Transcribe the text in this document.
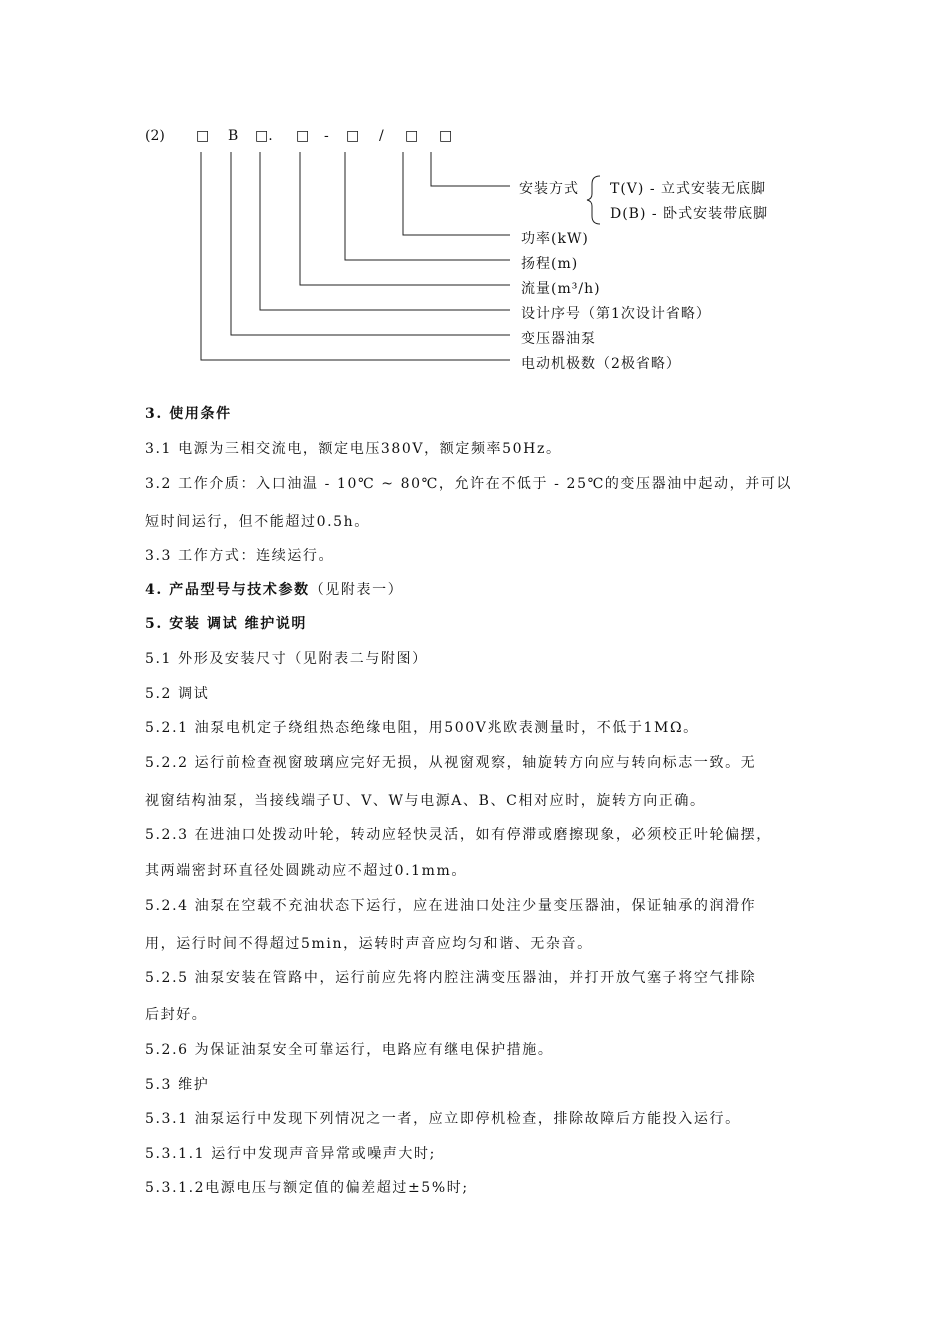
(2) □ B □. □ - □ / □ □
安装方式 T(V) - 立式安装无底脚
D(B) - 卧式安装带底脚
功率(kW)
扬程(m)
流量(m³/h)
设计序号（第1次设计省略）
变压器油泵
电动机极数（2极省略）
3. 使用条件
3.1 电源为三相交流电，额定电压380V，额定频率50Hz。
3.2 工作介质：入口油温 - 10℃ ~ 80℃，允许在不低于 - 25℃的变压器油中起动，并可以
短时间运行，但不能超过0.5h。
3.3 工作方式：连续运行。
4. 产品型号与技术参数（见附表一）
5. 安装 调试 维护说明
5.1 外形及安装尺寸（见附表二与附图）
5.2 调试
5.2.1 油泵电机定子绕组热态绝缘电阻，用500V兆欧表测量时，不低于1MΩ。
5.2.2 运行前检查视窗玻璃应完好无损，从视窗观察，轴旋转方向应与转向标志一致。无
视窗结构油泵，当接线端子U、V、W与电源A、B、C相对应时，旋转方向正确。
5.2.3 在进油口处拨动叶轮，转动应轻快灵活，如有停滞或磨擦现象，必须校正叶轮偏摆，
其两端密封环直径处圆跳动应不超过0.1mm。
5.2.4 油泵在空载不充油状态下运行，应在进油口处注少量变压器油，保证轴承的润滑作
用，运行时间不得超过5min，运转时声音应均匀和谐、无杂音。
5.2.5 油泵安装在管路中，运行前应先将内腔注满变压器油，并打开放气塞子将空气排除
后封好。
5.2.6 为保证油泵安全可靠运行，电路应有继电保护措施。
5.3 维护
5.3.1 油泵运行中发现下列情况之一者，应立即停机检查，排除故障后方能投入运行。
5.3.1.1 运行中发现声音异常或噪声大时;
5.3.1.2电源电压与额定值的偏差超过±5%时;
